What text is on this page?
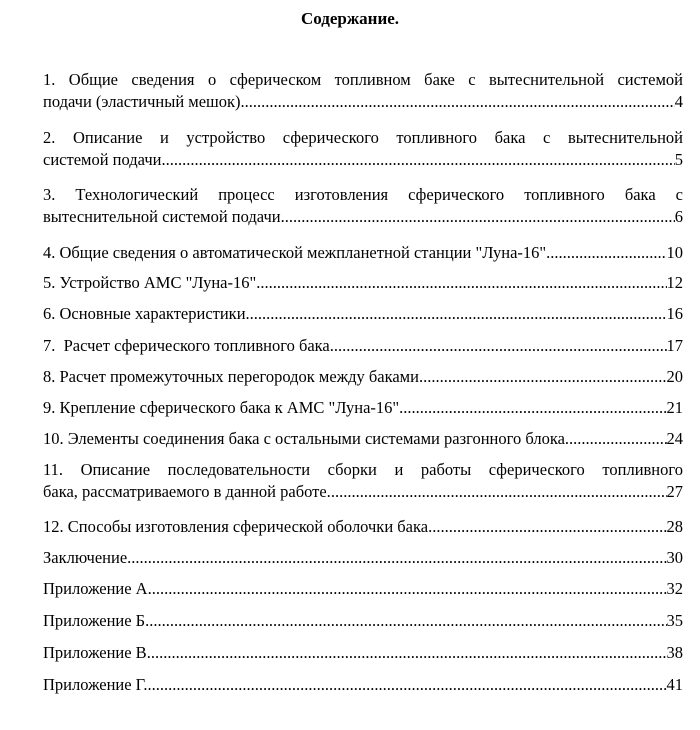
Содержание.
1. Общие сведения о сферическом топливном баке с вытеснительной системой
подачи (эластичный мешок). .....	4
2. Описание и устройство сферического топливного бака с вытеснительной
системой подачи. .....	5
3. Технологический процесс изготовления сферического топливного бака с
вытеснительной системой подачи. .....	6
4. Общие сведения о автоматической межпланетной станции "Луна-16". .....	10
5. Устройство АМС "Луна-16". .....	12
6. Основные характеристики. .....	16
7.  Расчет сферического топливного бака. .....	17
8. Расчет промежуточных перегородок между баками. .....	20
9. Крепление сферического бака к АМС "Луна-16". .....	21
10. Элементы соединения бака с остальными системами разгонного блока. .....	24
11. Описание последовательности сборки и работы сферического топливного
бака, рассматриваемого в данной работе. .....	27
12. Способы изготовления сферической оболочки бака. .....	28
Заключение. .....	30
Приложение А. .....	32
Приложение Б. .....	35
Приложение В. .....	38
Приложение Г. .....	41
